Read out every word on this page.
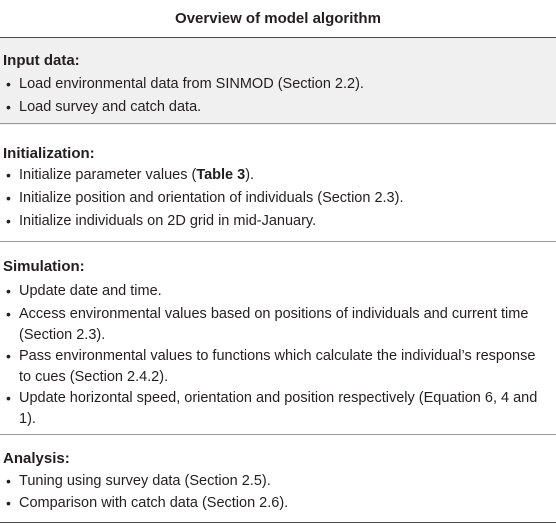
Overview of model algorithm
Input data:
• Load environmental data from SINMOD (Section 2.2).
• Load survey and catch data.
Initialization:
• Initialize parameter values (Table 3).
• Initialize position and orientation of individuals (Section 2.3).
• Initialize individuals on 2D grid in mid-January.
Simulation:
• Update date and time.
• Access environmental values based on positions of individuals and current time (Section 2.3).
• Pass environmental values to functions which calculate the individual’s response to cues (Section 2.4.2).
• Update horizontal speed, orientation and position respectively (Equation 6, 4 and 1).
Analysis:
• Tuning using survey data (Section 2.5).
• Comparison with catch data (Section 2.6).
